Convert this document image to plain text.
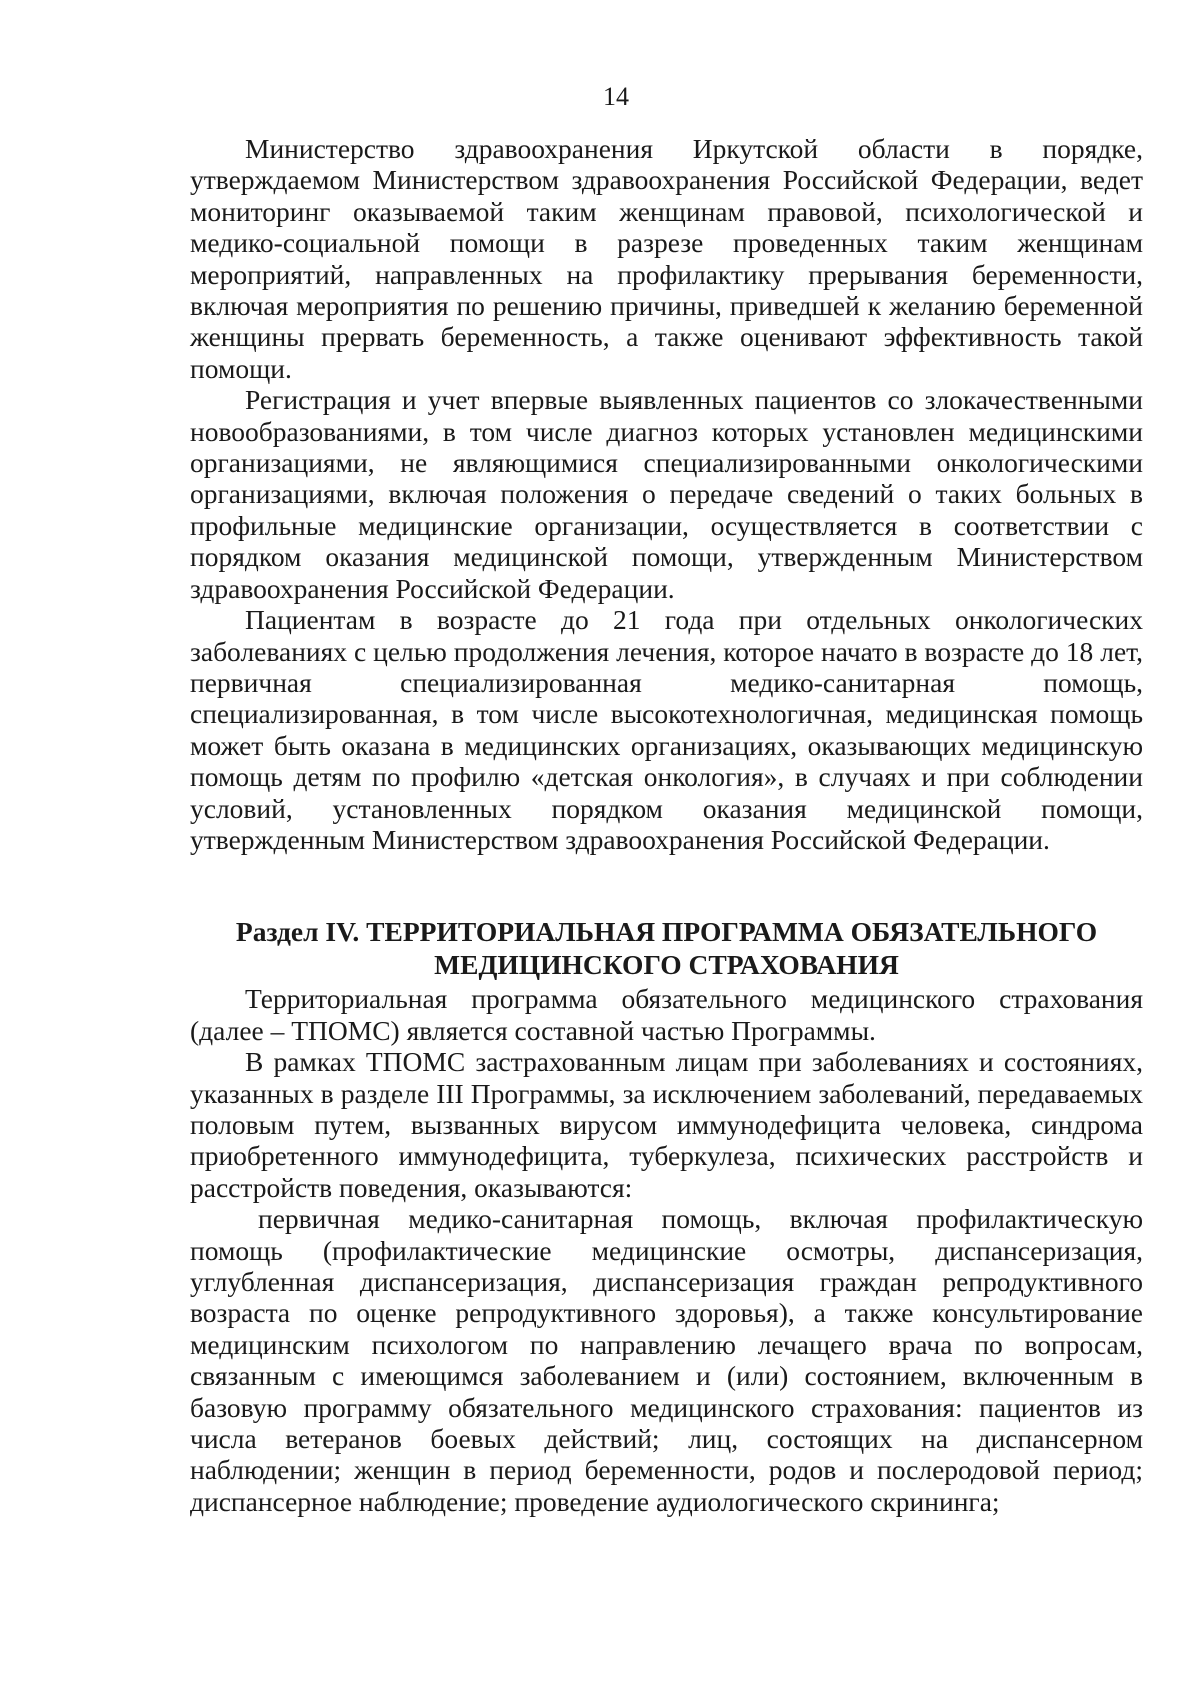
14

Министерство здравоохранения Иркутской области в порядке, утверждаемом Министерством здравоохранения Российской Федерации, ведет мониторинг оказываемой таким женщинам правовой, психологической и медико-социальной помощи в разрезе проведенных таким женщинам мероприятий, направленных на профилактику прерывания беременности, включая мероприятия по решению причины, приведшей к желанию беременной женщины прервать беременность, а также оценивают эффективность такой помощи.

Регистрация и учет впервые выявленных пациентов со злокачественными новообразованиями, в том числе диагноз которых установлен медицинскими организациями, не являющимися специализированными онкологическими организациями, включая положения о передаче сведений о таких больных в профильные медицинские организации, осуществляется в соответствии с порядком оказания медицинской помощи, утвержденным Министерством здравоохранения Российской Федерации.

Пациентам в возрасте до 21 года при отдельных онкологических заболеваниях с целью продолжения лечения, которое начато в возрасте до 18 лет, первичная специализированная медико-санитарная помощь, специализированная, в том числе высокотехнологичная, медицинская помощь может быть оказана в медицинских организациях, оказывающих медицинскую помощь детям по профилю «детская онкология», в случаях и при соблюдении условий, установленных порядком оказания медицинской помощи, утвержденным Министерством здравоохранения Российской Федерации.

Раздел IV. ТЕРРИТОРИАЛЬНАЯ ПРОГРАММА ОБЯЗАТЕЛЬНОГО
МЕДИЦИНСКОГО СТРАХОВАНИЯ

Территориальная программа обязательного медицинского страхования (далее – ТПОМС) является составной частью Программы.

В рамках ТПОМС застрахованным лицам при заболеваниях и состояниях, указанных в разделе III Программы, за исключением заболеваний, передаваемых половым путем, вызванных вирусом иммунодефицита человека, синдрома приобретенного иммунодефицита, туберкулеза, психических расстройств и расстройств поведения, оказываются:

первичная медико-санитарная помощь, включая профилактическую помощь (профилактические медицинские осмотры, диспансеризация, углубленная диспансеризация, диспансеризация граждан репродуктивного возраста по оценке репродуктивного здоровья), а также консультирование медицинским психологом по направлению лечащего врача по вопросам, связанным с имеющимся заболеванием и (или) состоянием, включенным в базовую программу обязательного медицинского страхования: пациентов из числа ветеранов боевых действий; лиц, состоящих на диспансерном наблюдении; женщин в период беременности, родов и послеродовой период; диспансерное наблюдение; проведение аудиологического скрининга;
